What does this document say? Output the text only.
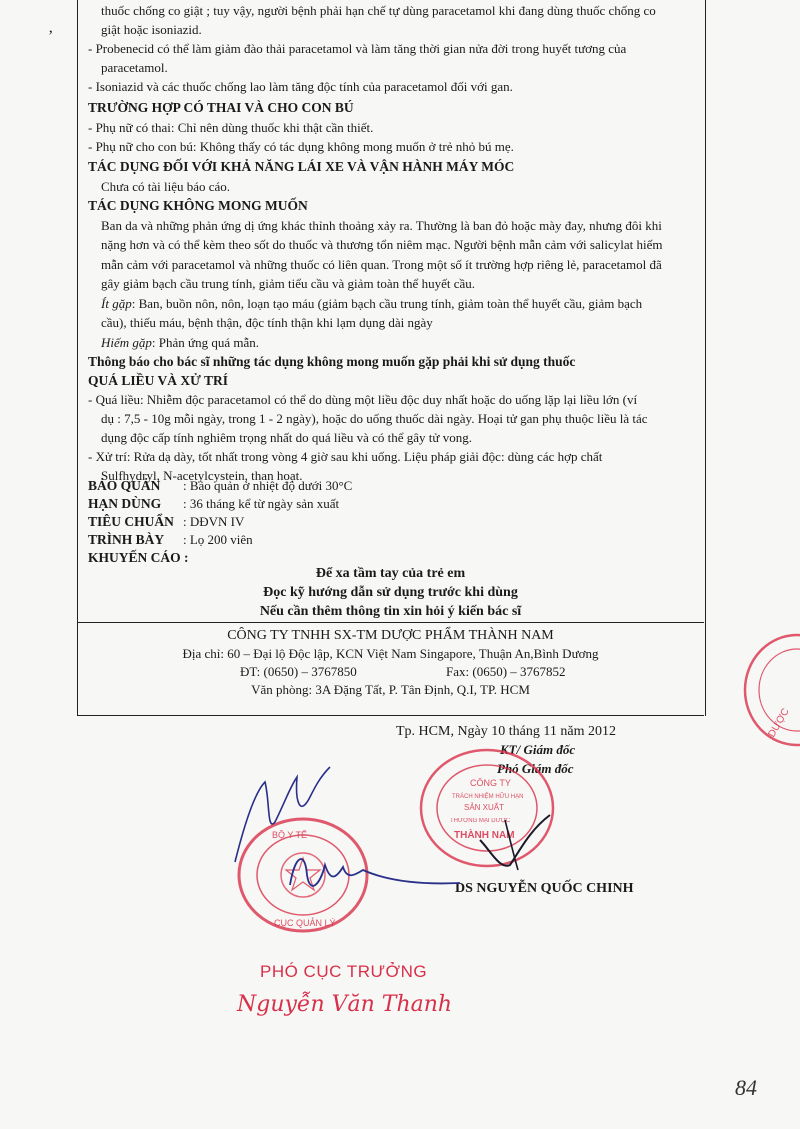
thuốc chống co giật ; tuy vậy, người bệnh phải hạn chế tự dùng paracetamol khi đang dùng thuốc chống co
giật hoặc isoniazid.
- Probenecid có thể làm giảm đào thải paracetamol và làm tăng thời gian nửa đời trong huyết tương của
paracetamol.
- Isoniazid và các thuốc chống lao làm tăng độc tính của paracetamol đối với gan.
TRƯỜNG HỢP CÓ THAI VÀ CHO CON BÚ
- Phụ nữ có thai: Chỉ nên dùng thuốc khi thật cần thiết.
- Phụ nữ cho con bú: Không thấy có tác dụng không mong muốn ở trẻ nhỏ bú mẹ.
TÁC DỤNG ĐỐI VỚI KHẢ NĂNG LÁI XE VÀ VẬN HÀNH MÁY MÓC
Chưa có tài liệu báo cáo.
TÁC DỤNG KHÔNG MONG MUỐN
Ban da và những phản ứng dị ứng khác thỉnh thoảng xảy ra. Thường là ban đỏ hoặc mày đay, nhưng đôi khi
nặng hơn và có thể kèm theo sốt do thuốc và thương tổn niêm mạc. Người bệnh mẫn cảm với salicylat hiếm
mẫn cảm với paracetamol và những thuốc có liên quan. Trong một số ít trường hợp riêng lẻ, paracetamol đã
gây giảm bạch cầu trung tính, giảm tiểu cầu và giảm toàn thể huyết cầu.
Ít gặp: Ban, buồn nôn, nôn, loạn tạo máu (giảm bạch cầu trung tính, giảm toàn thể huyết cầu, giảm bạch
cầu), thiếu máu, bệnh thận, độc tính thận khi lạm dụng dài ngày
Hiếm gặp: Phản ứng quá mẫn.
Thông báo cho bác sĩ những tác dụng không mong muốn gặp phải khi sử dụng thuốc
QUÁ LIỀU VÀ XỬ TRÍ
- Quá liều: Nhiễm độc paracetamol có thể do dùng một liều độc duy nhất hoặc do uống lặp lại liều lớn (ví
dụ : 7,5 - 10g mỗi ngày, trong 1 - 2 ngày), hoặc do uống thuốc dài ngày. Hoại tử gan phụ thuộc liều là tác
dụng độc cấp tính nghiêm trọng nhất do quá liều và có thể gây tử vong.
- Xử trí: Rửa dạ dày, tốt nhất trong vòng 4 giờ sau khi uống. Liệu pháp giải độc: dùng các hợp chất
Sulfhydryl, N-acetylcystein, than hoạt.
BẢO QUẢN : Bảo quản ở nhiệt độ dưới 30°C
HẠN DÙNG : 36 tháng kể từ ngày sản xuất
TIÊU CHUẨN : DĐVN IV
TRÌNH BÀY : Lọ 200 viên
KHUYẾN CÁO :
Để xa tầm tay của trẻ em
Đọc kỹ hướng dẫn sử dụng trước khi dùng
Nếu cần thêm thông tin xin hỏi ý kiến bác sĩ
CÔNG TY TNHH SX-TM DƯỢC PHẨM THÀNH NAM
Địa chỉ: 60 – Đại lộ Độc lập, KCN Việt Nam Singapore, Thuận An,Bình Dương
ĐT: (0650) – 3767850	Fax: (0650) – 3767852
Văn phòng: 3A Đặng Tất, P. Tân Định, Q.I, TP. HCM
Tp. HCM, Ngày 10 tháng 11 năm 2012
KT/ Giám đốc
Phó Giám đốc
DS NGUYỄN QUỐC CHINH
CÔNG TY
TRÁCH NHIỆM HỮU HẠN
SẢN XUẤT
THƯƠNG MẠI DƯỢC
THÀNH NAM
BỘ Y TẾ
CỤC QUẢN LÝ
DƯỢC
PHÓ CỤC TRƯỞNG
Nguyễn Văn Thanh
84
ʼ
